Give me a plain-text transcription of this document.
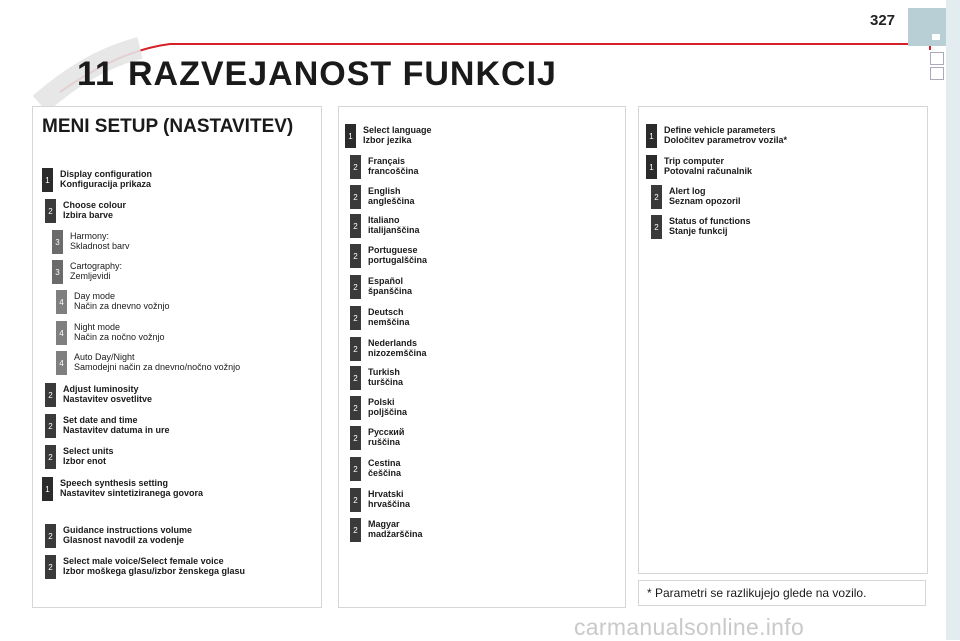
327
11 RAZVEJANOST FUNKCIJ
MENI SETUP (NASTAVITEV)
1
Display configuration
Konfiguracija prikaza
2
Choose colour
Izbira barve
3
Harmony:
Skladnost barv
3
Cartography:
Zemljevidi
4
Day mode
Način za dnevno vožnjo
4
Night mode
Način za nočno vožnjo
4
Auto Day/Night
Samodejni način za dnevno/nočno vožnjo
2
Adjust luminosity
Nastavitev osvetlitve
2
Set date and time
Nastavitev datuma in ure
2
Select units
Izbor enot
1
Speech synthesis setting
Nastavitev sintetiziranega govora
2
Guidance instructions volume
Glasnost navodil za vodenje
2
Select male voice/Select female voice
Izbor moškega glasu/izbor ženskega glasu
1
Select language
Izbor jezika
2
Français
francoščina
2
English
angleščina
2
Italiano
italijanščina
2
Portuguese
portugalščina
2
Español
španščina
2
Deutsch
nemščina
2
Nederlands
nizozemščina
2
Turkish
turščina
2
Polski
poljščina
2
Русский
ruščina
2
Cestina
češčina
2
Hrvatski
hrvaščina
2
Magyar
madžarščina
1
Define vehicle parameters
Določitev parametrov vozila*
1
Trip computer
Potovalni računalnik
2
Alert log
Seznam opozoril
2
Status of functions
Stanje funkcij
* Parametri se razlikujejo glede na vozilo.
carmanualsonline.info
